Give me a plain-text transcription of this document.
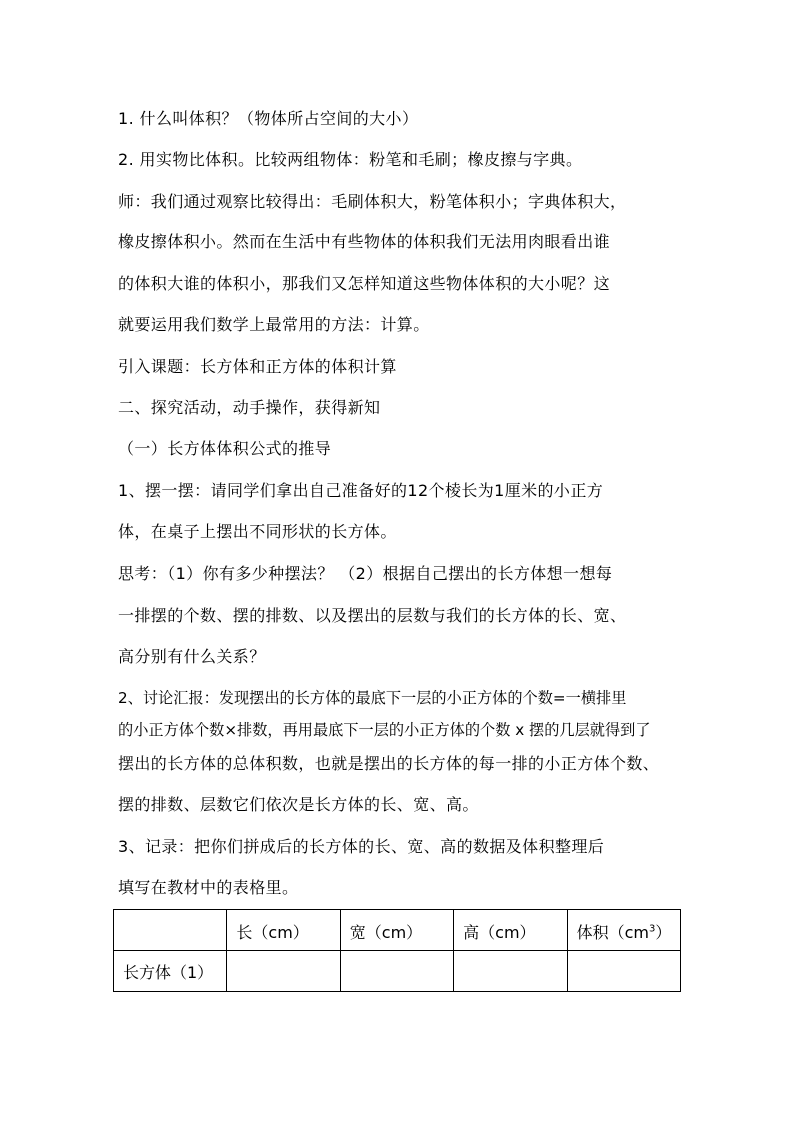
1. 什么叫体积？（物体所占空间的大小）
2. 用实物比体积。比较两组物体：粉笔和毛刷；橡皮擦与字典。
师：我们通过观察比较得出：毛刷体积大，粉笔体积小；字典体积大，
橡皮擦体积小。然而在生活中有些物体的体积我们无法用肉眼看出谁
的体积大谁的体积小，那我们又怎样知道这些物体体积的大小呢？这
就要运用我们数学上最常用的方法：计算。
引入课题：长方体和正方体的体积计算
二、探究活动，动手操作，获得新知
（一）长方体体积公式的推导
1、摆一摆：请同学们拿出自己准备好的12个棱长为1厘米的小正方
体，在桌子上摆出不同形状的长方体。
思考：（1）你有多少种摆法？ （2）根据自己摆出的长方体想一想每
一排摆的个数、摆的排数、以及摆出的层数与我们的长方体的长、宽、
高分别有什么关系？
2、讨论汇报：发现摆出的长方体的最底下一层的小正方体的个数=一横排里
的小正方体个数×排数，再用最底下一层的小正方体的个数 x 摆的几层就得到了
摆出的长方体的总体积数，也就是摆出的长方体的每一排的小正方体个数、
摆的排数、层数它们依次是长方体的长、宽、高。
3、记录：把你们拼成后的长方体的长、宽、高的数据及体积整理后
填写在教材中的表格里。
	长（cm）	宽（cm）	高（cm）	体积$(cm^3)$
长方体（1）				
